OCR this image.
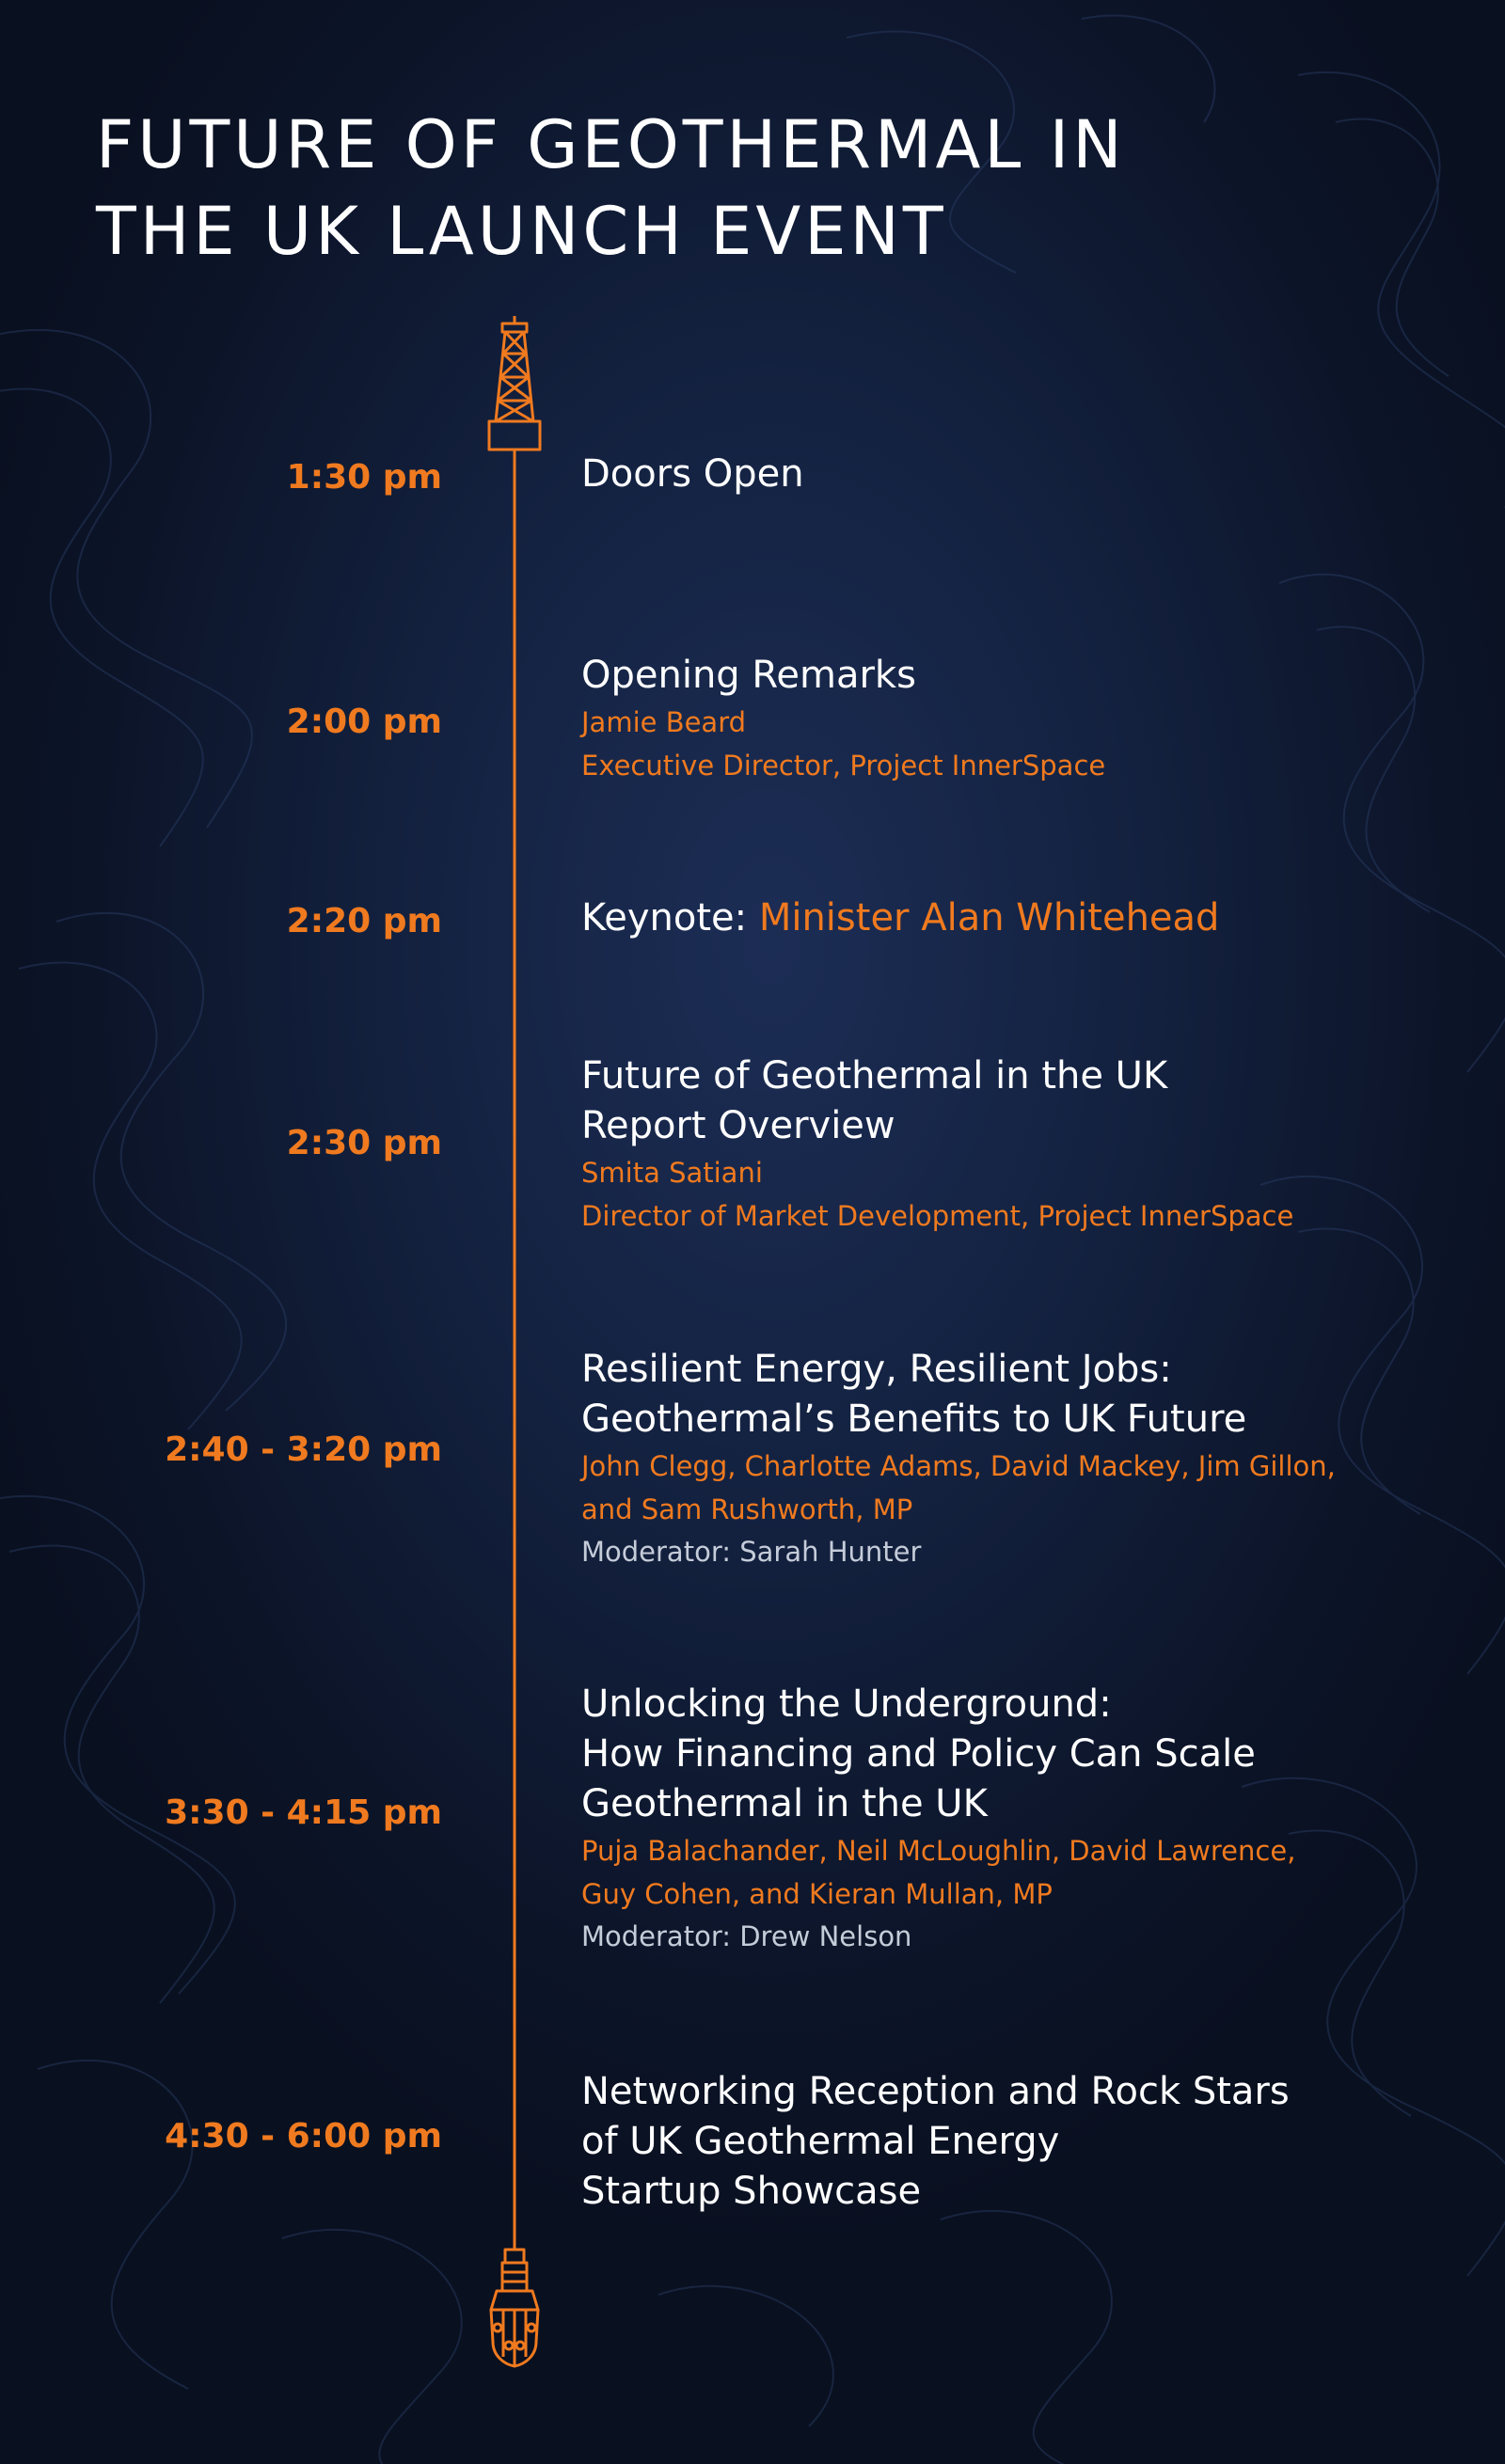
FUTURE OF GEOTHERMAL IN
THE UK LAUNCH EVENT
1:30 pm	Doors Open
2:00 pm
Opening Remarks
Jamie Beard
Executive Director, Project InnerSpace
2:20 pm	Keynote: Minister Alan Whitehead
2:30 pm
Future of Geothermal in the UK
Report Overview
Smita Satiani
Director of Market Development, Project InnerSpace
2:40 - 3:20 pm
Resilient Energy, Resilient Jobs:
Geothermal’s Benefits to UK Future
John Clegg, Charlotte Adams, David Mackey, Jim Gillon,
and Sam Rushworth, MP
Moderator: Sarah Hunter
3:30 - 4:15 pm
Unlocking the Underground:
How Financing and Policy Can Scale
Geothermal in the UK
Puja Balachander, Neil McLoughlin, David Lawrence,
Guy Cohen, and Kieran Mullan, MP
Moderator: Drew Nelson
4:30 - 6:00 pm
Networking Reception and Rock Stars
of UK Geothermal Energy
Startup Showcase
